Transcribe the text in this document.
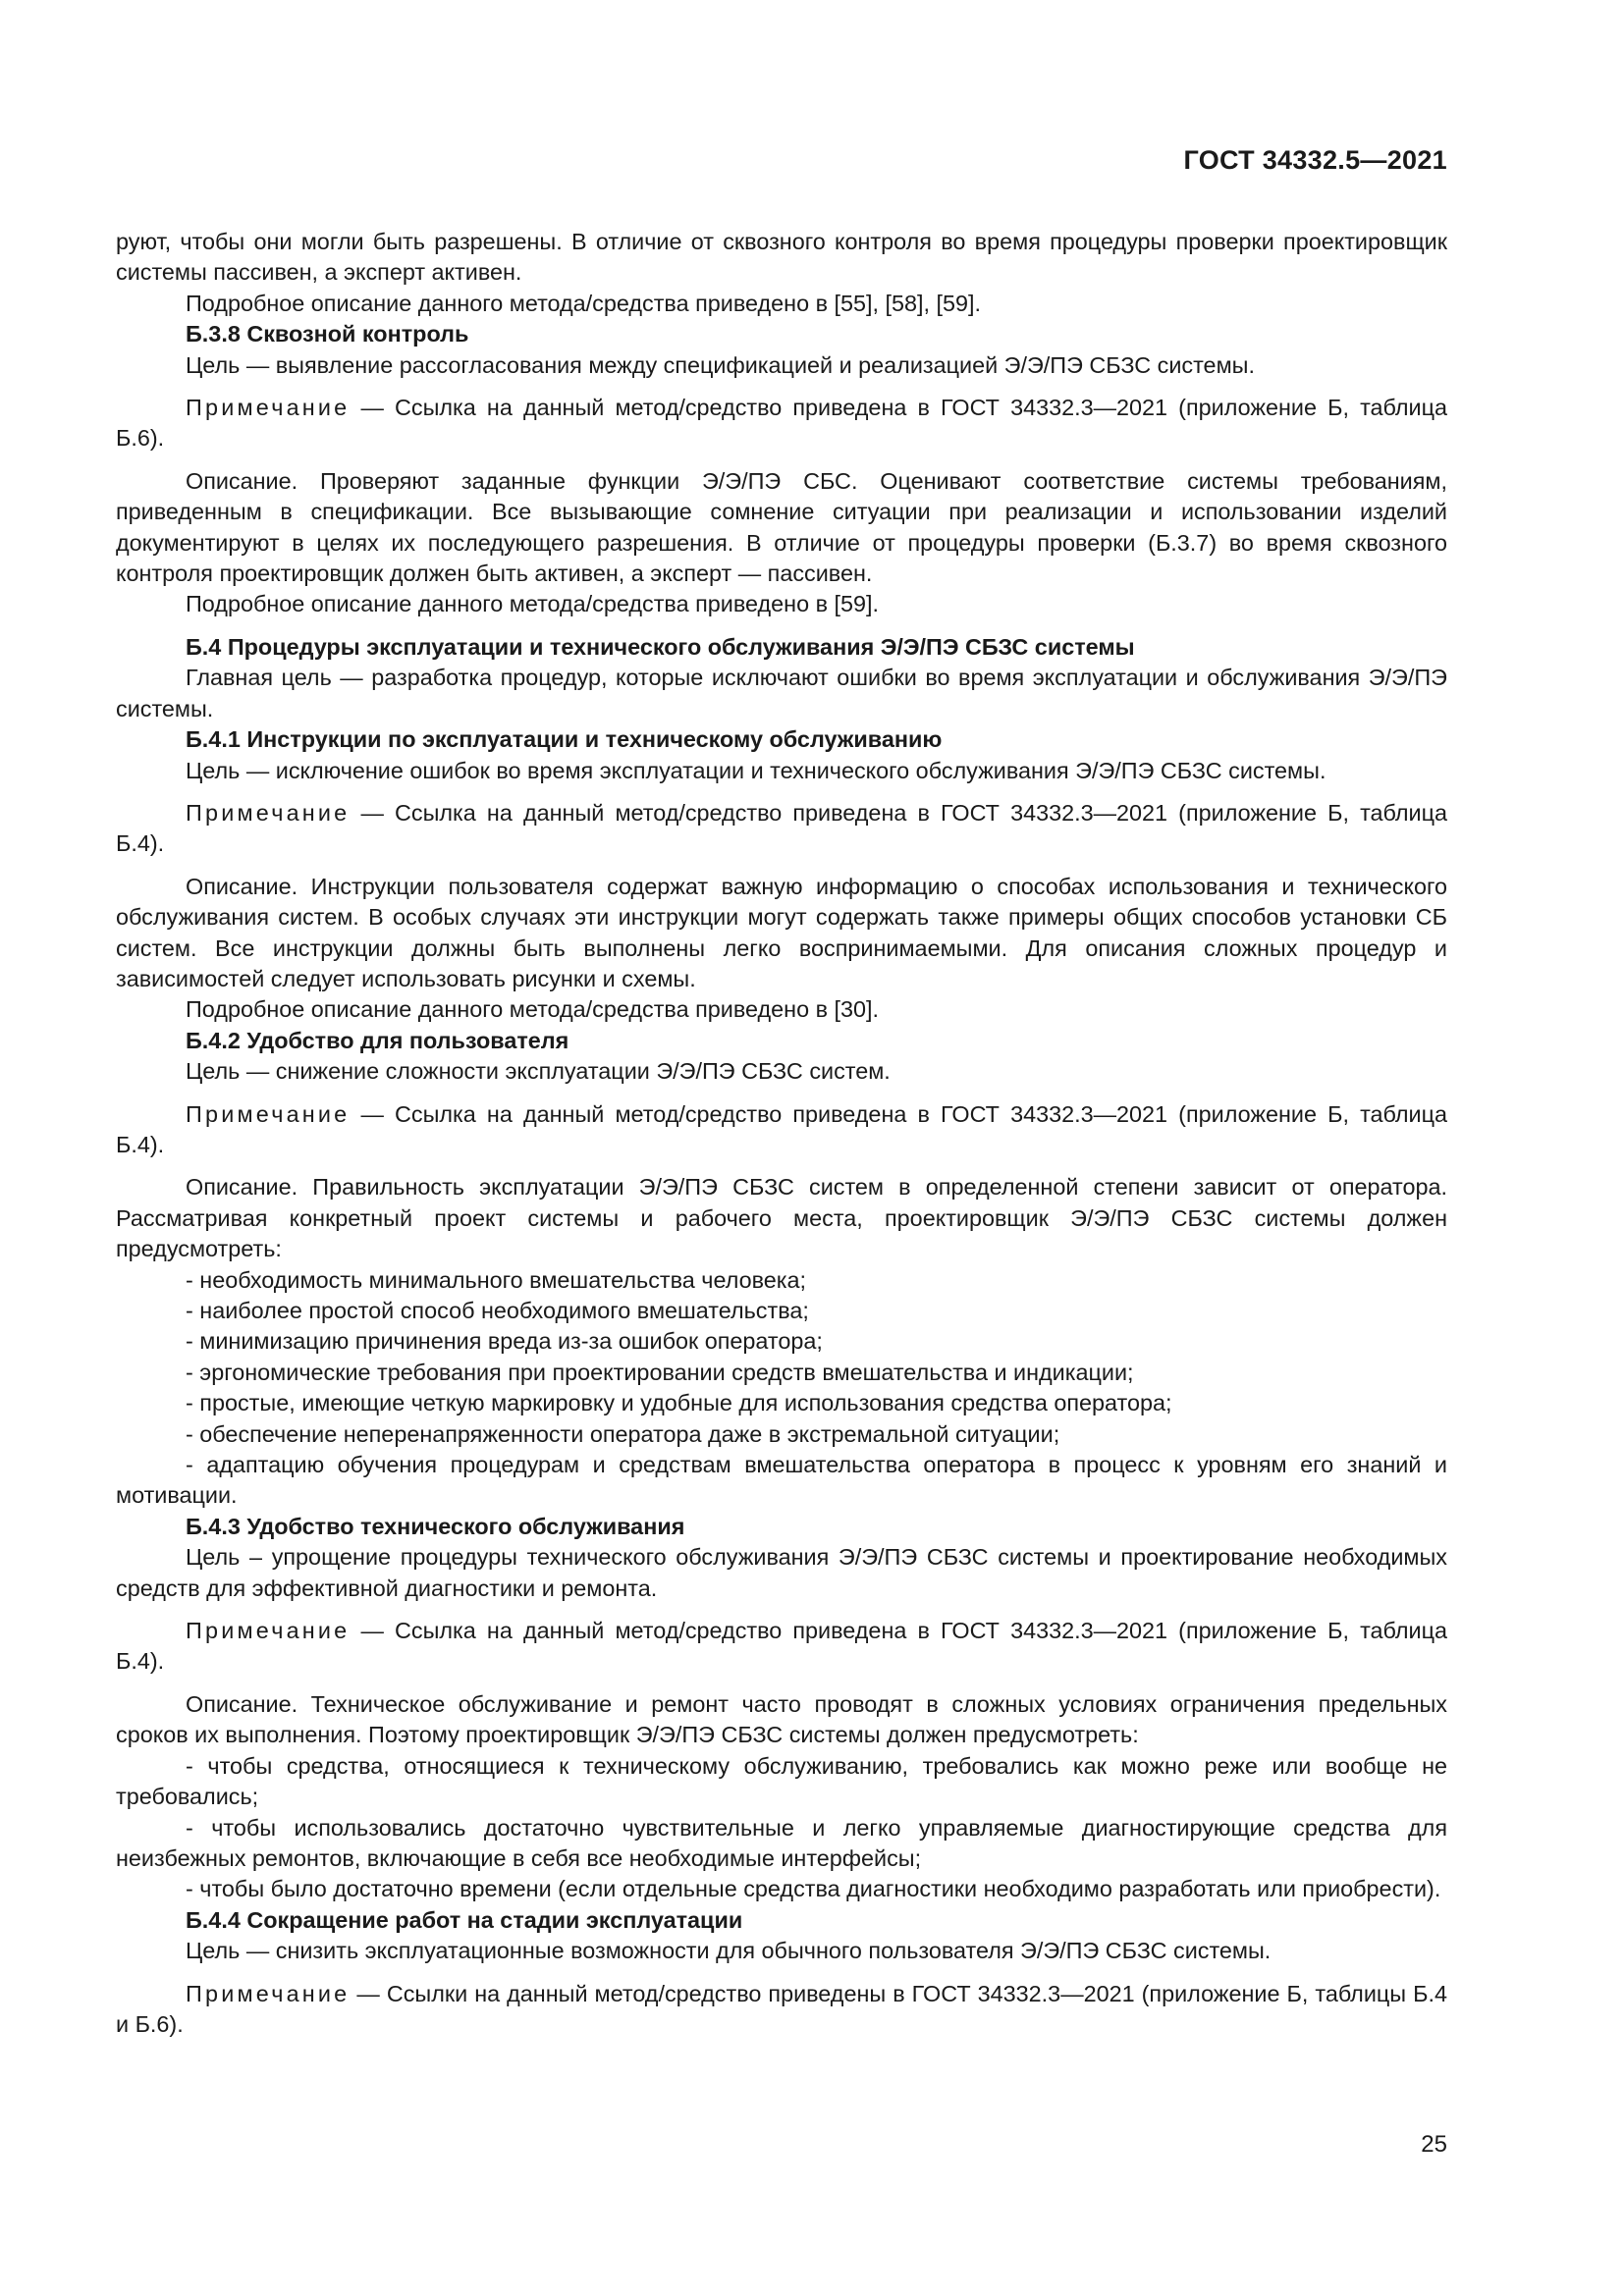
ГОСТ 34332.5—2021

руют, чтобы они могли быть разрешены. В отличие от сквозного контроля во время процедуры проверки проектировщик системы пассивен, а эксперт активен.

Подробное описание данного метода/средства приведено в [55], [58], [59].

Б.3.8 Сквозной контроль

Цель — выявление рассогласования между спецификацией и реализацией Э/Э/ПЭ СБЗС системы.

Примечание — Ссылка на данный метод/средство приведена в ГОСТ 34332.3—2021 (приложение Б, таблица Б.6).

Описание. Проверяют заданные функции Э/Э/ПЭ СБС. Оценивают соответствие системы требованиям, приведенным в спецификации. Все вызывающие сомнение ситуации при реализации и использовании изделий документируют в целях их последующего разрешения. В отличие от процедуры проверки (Б.3.7) во время сквозного контроля проектировщик должен быть активен, а эксперт — пассивен.

Подробное описание данного метода/средства приведено в [59].

Б.4 Процедуры эксплуатации и технического обслуживания Э/Э/ПЭ СБЗС системы

Главная цель — разработка процедур, которые исключают ошибки во время эксплуатации и обслуживания Э/Э/ПЭ системы.

Б.4.1 Инструкции по эксплуатации и техническому обслуживанию

Цель — исключение ошибок во время эксплуатации и технического обслуживания Э/Э/ПЭ СБЗС системы.

Примечание — Ссылка на данный метод/средство приведена в ГОСТ 34332.3—2021 (приложение Б, таблица Б.4).

Описание. Инструкции пользователя содержат важную информацию о способах использования и технического обслуживания систем. В особых случаях эти инструкции могут содержать также примеры общих способов установки СБ систем. Все инструкции должны быть выполнены легко воспринимаемыми. Для описания сложных процедур и зависимостей следует использовать рисунки и схемы.

Подробное описание данного метода/средства приведено в [30].

Б.4.2 Удобство для пользователя

Цель — снижение сложности эксплуатации Э/Э/ПЭ СБЗС систем.

Примечание — Ссылка на данный метод/средство приведена в ГОСТ 34332.3—2021 (приложение Б, таблица Б.4).

Описание. Правильность эксплуатации Э/Э/ПЭ СБЗС систем в определенной степени зависит от оператора. Рассматривая конкретный проект системы и рабочего места, проектировщик Э/Э/ПЭ СБЗС системы должен предусмотреть:

- необходимость минимального вмешательства человека;

- наиболее простой способ необходимого вмешательства;

- минимизацию причинения вреда из-за ошибок оператора;

- эргономические требования при проектировании средств вмешательства и индикации;

- простые, имеющие четкую маркировку и удобные для использования средства оператора;

- обеспечение неперенапряженности оператора даже в экстремальной ситуации;

- адаптацию обучения процедурам и средствам вмешательства оператора в процесс к уровням его знаний и мотивации.

Б.4.3 Удобство технического обслуживания

Цель – упрощение процедуры технического обслуживания Э/Э/ПЭ СБЗС системы и проектирование необходимых средств для эффективной диагностики и ремонта.

Примечание — Ссылка на данный метод/средство приведена в ГОСТ 34332.3—2021 (приложение Б, таблица Б.4).

Описание. Техническое обслуживание и ремонт часто проводят в сложных условиях ограничения предельных сроков их выполнения. Поэтому проектировщик Э/Э/ПЭ СБЗС системы должен предусмотреть:

- чтобы средства, относящиеся к техническому обслуживанию, требовались как можно реже или вообще не требовались;

- чтобы использовались достаточно чувствительные и легко управляемые диагностирующие средства для неизбежных ремонтов, включающие в себя все необходимые интерфейсы;

- чтобы было достаточно времени (если отдельные средства диагностики необходимо разработать или приобрести).

Б.4.4 Сокращение работ на стадии эксплуатации

Цель — снизить эксплуатационные возможности для обычного пользователя Э/Э/ПЭ СБЗС системы.

Примечание — Ссылки на данный метод/средство приведены в ГОСТ 34332.3—2021 (приложение Б, таблицы Б.4 и Б.6).

25
